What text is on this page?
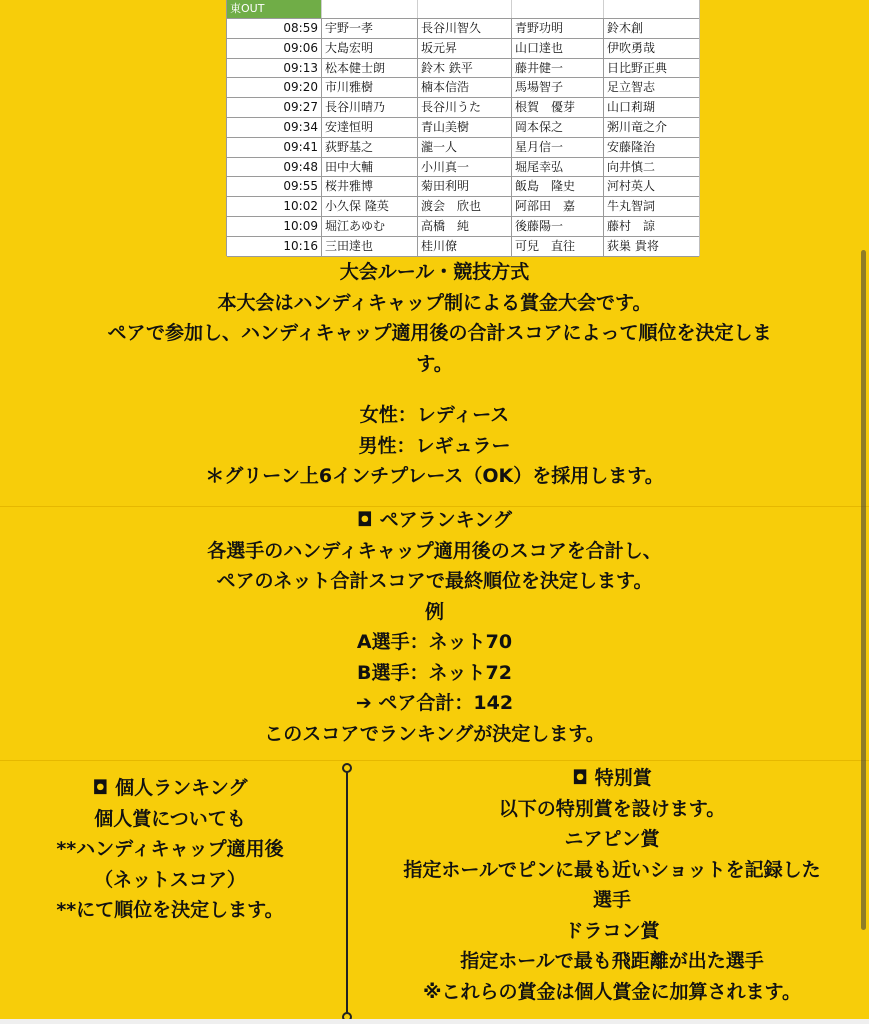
東OUT
08:59 宇野一孝	長谷川智久	青野功明	鈴木創
09:06 大島宏明	坂元昇	山口達也	伊吹勇哉
09:13 松本健士朗	鈴木 鉄平	藤井健一	日比野正典
09:20 市川雅樹	楠本信浩	馬場智子	足立智志
09:27 長谷川晴乃	長谷川うた	根賀　優芽	山口莉瑚
09:34 安達恒明	青山美樹	岡本保之	粥川竜之介
09:41 荻野基之	瀧一人	星月信一	安藤隆治
09:48 田中大輔	小川真一	堀尾幸弘	向井慎二
09:55 桜井雅博	菊田利明	飯島　隆史	河村英人
10:02 小久保 隆英	渡会　欣也	阿部田　嘉	牛丸智詞
10:09 堀江あゆむ	高橋　純	後藤陽一	藤村　諒
10:16 三田達也	桂川僚	可兒　直往	荻巣 貴将
大会ルール・競技方式
本大会はハンディキャップ制による賞金大会です。
ペアで参加し、ハンディキャップ適用後の合計スコアによって順位を決定しま
す。
女性：レディース
男性：レギュラー
＊グリーン上6インチプレース（OK）を採用します。
◘ ペアランキング
各選手のハンディキャップ適用後のスコアを合計し、
ペアのネット合計スコアで最終順位を決定します。
例
A選手：ネット70
B選手：ネット72
➔ ペア合計：142
このスコアでランキングが決定します。
◘ 個人ランキング
個人賞についても
**ハンディキャップ適用後
（ネットスコア）
**にて順位を決定します。
◘ 特別賞
以下の特別賞を設けます。
ニアピン賞
指定ホールでピンに最も近いショットを記録した
選手
ドラコン賞
指定ホールで最も飛距離が出た選手
※これらの賞金は個人賞金に加算されます。
